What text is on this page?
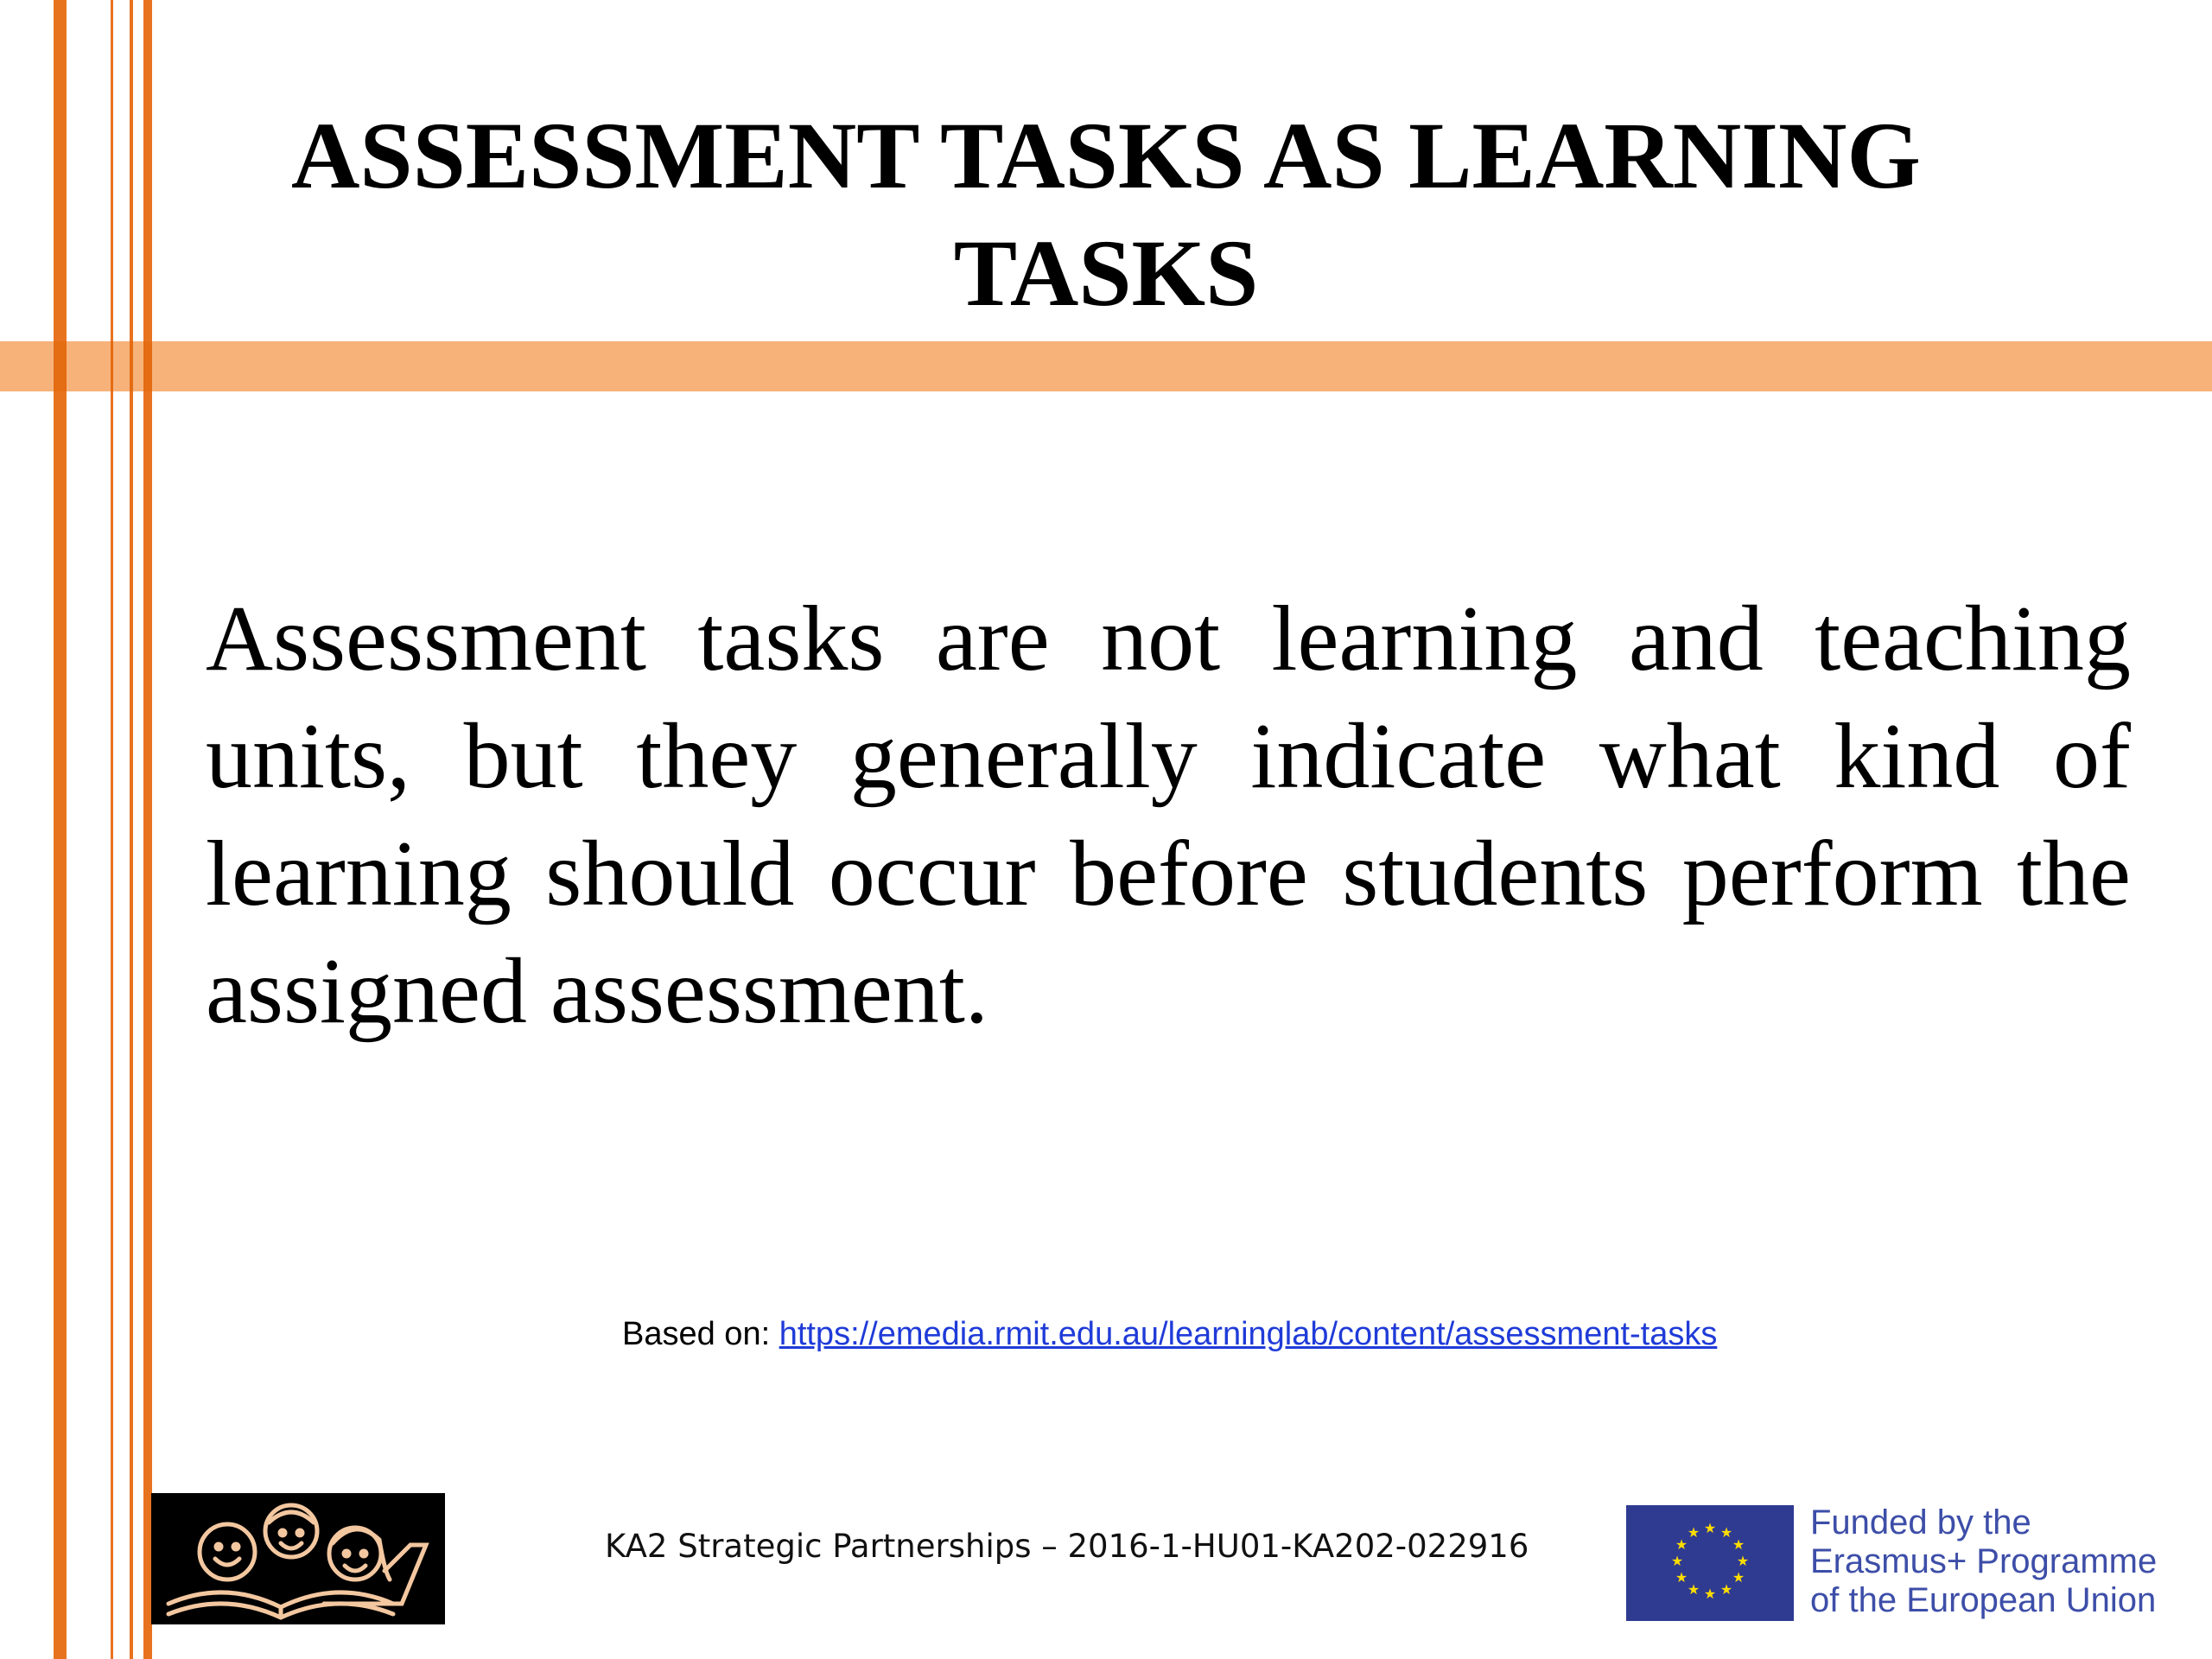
ASSESSMENT TASKS AS LEARNING
TASKS

Assessment tasks are not learning and teaching units, but they generally indicate what kind of learning should occur before students perform the assigned assessment.

Based on: https://emedia.rmit.edu.au/learninglab/content/assessment-tasks
KA2 Strategic Partnerships – 2016-1-HU01-KA202-022916	★ ★
★
★
★
★
★
★
★
★
★
★	Funded by the
Erasmus+ Programme
of the European Union
